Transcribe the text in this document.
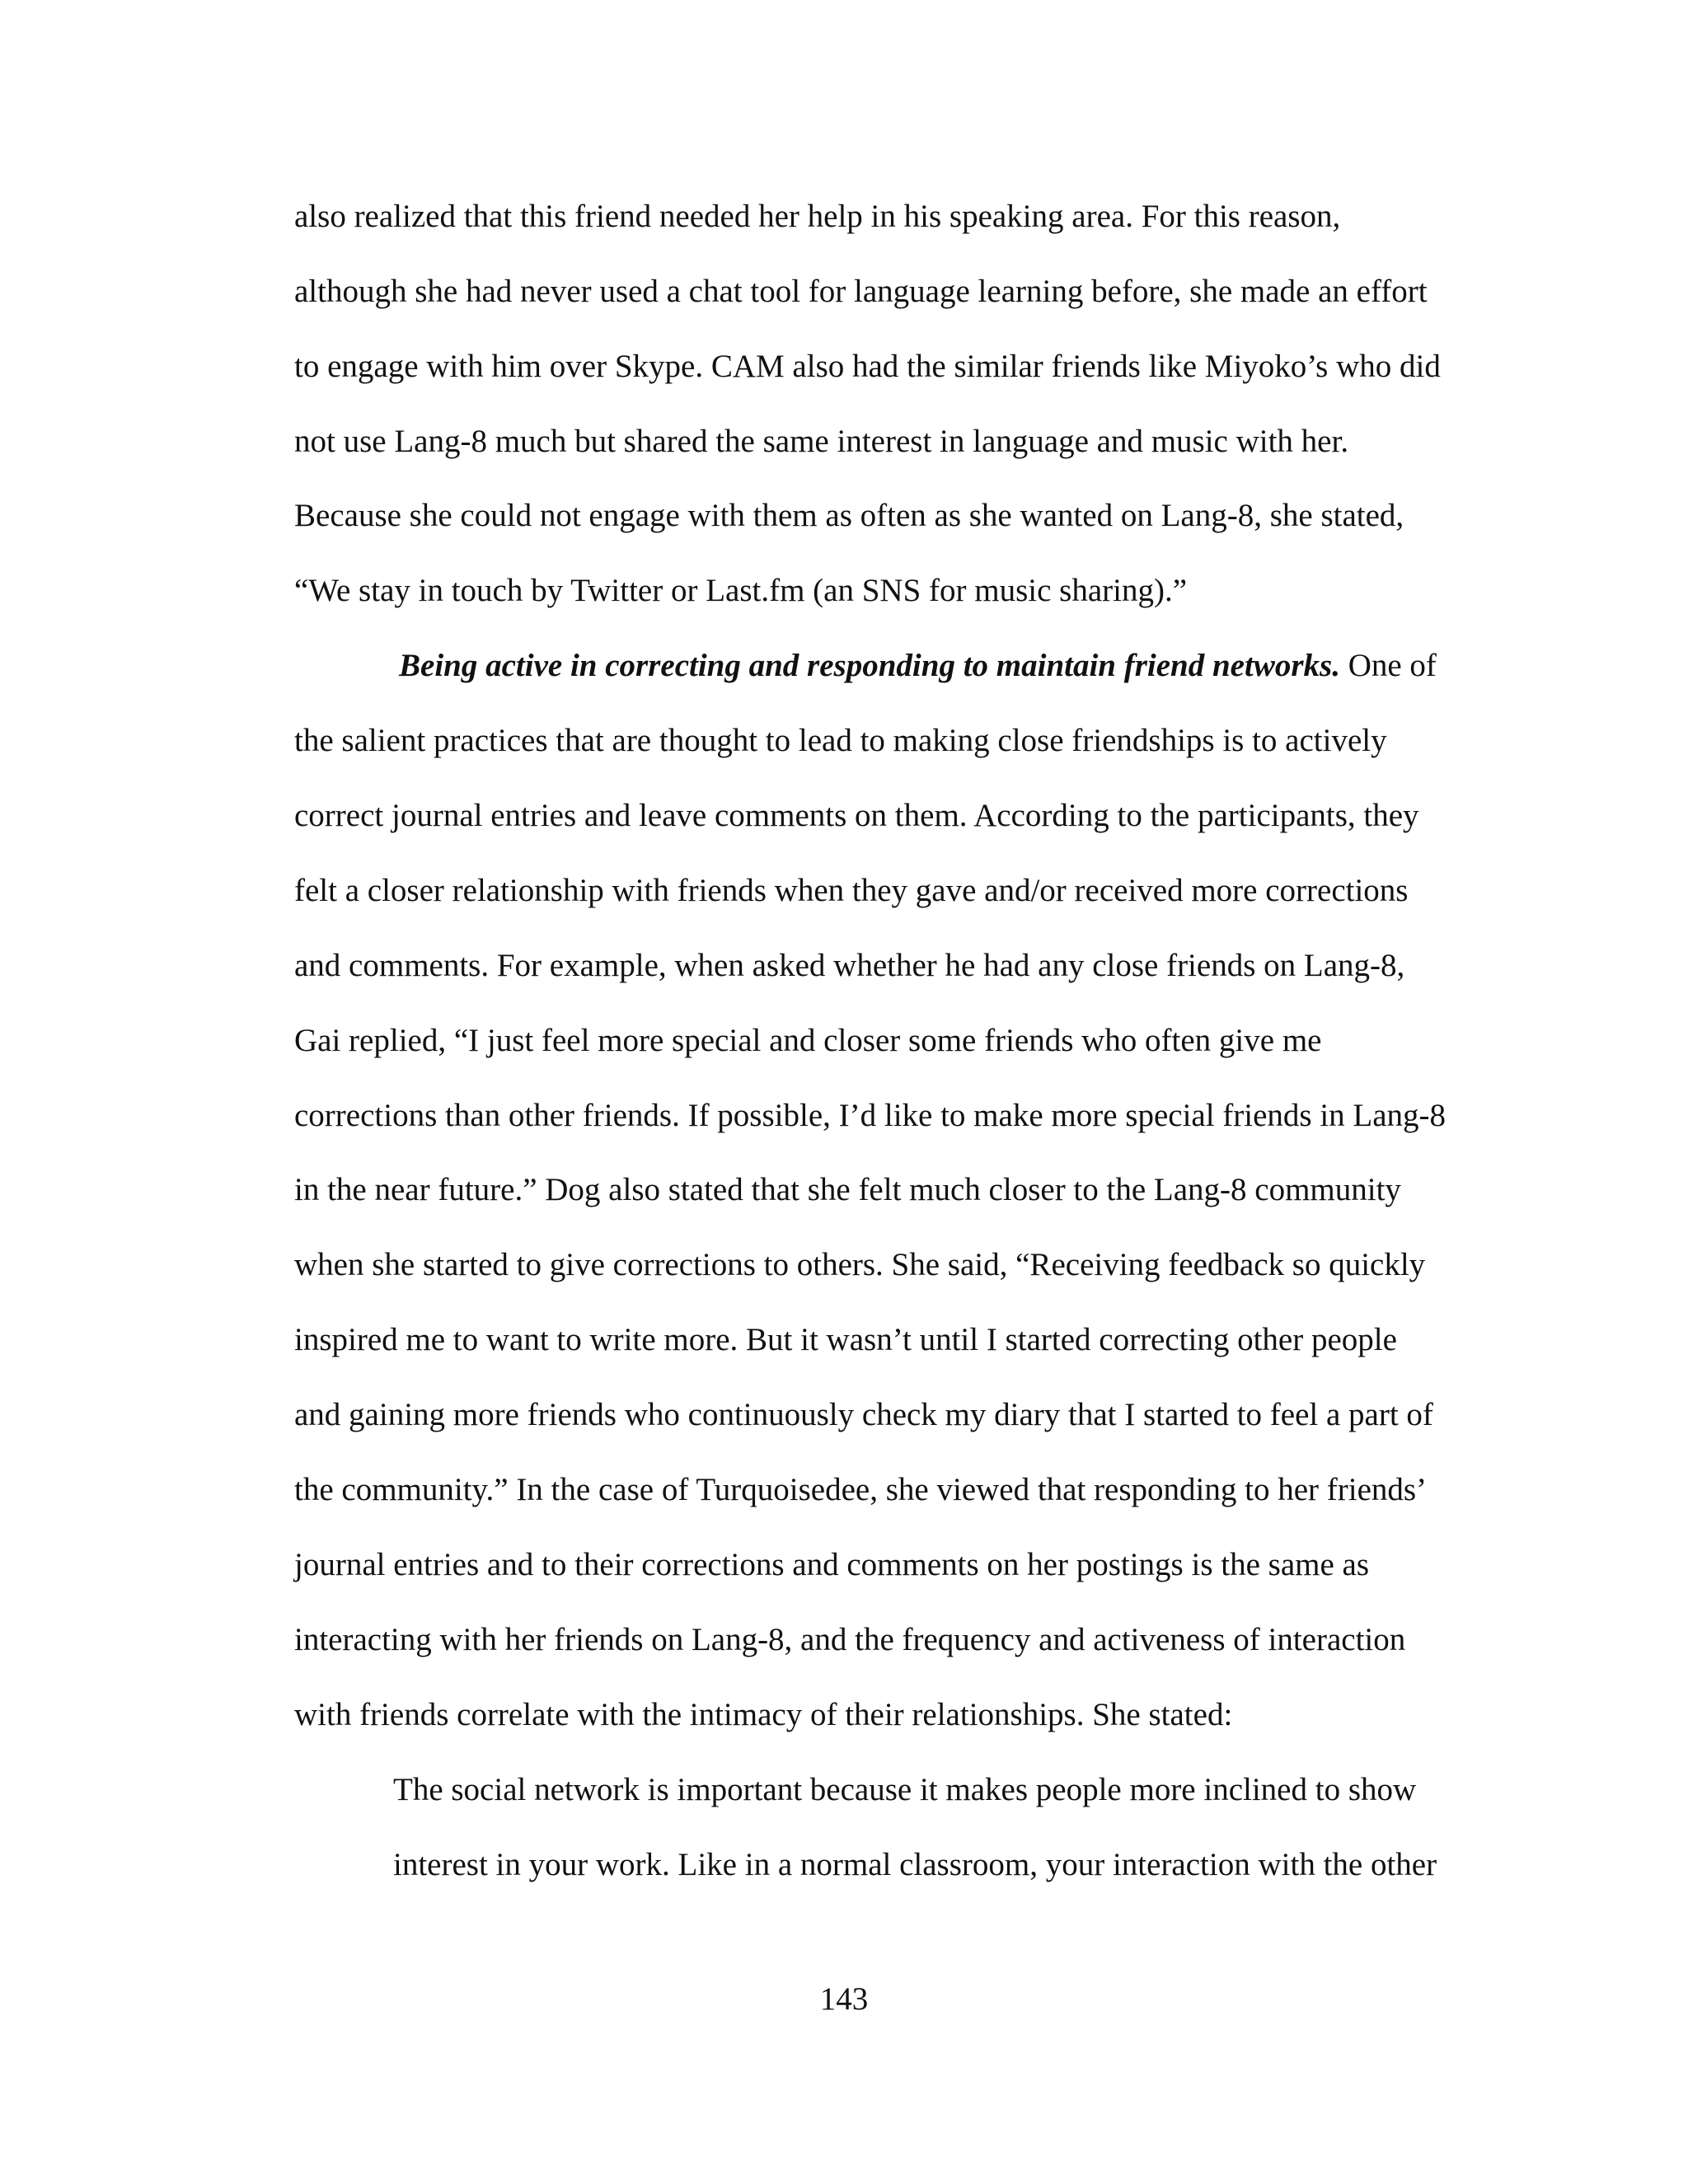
also realized that this friend needed her help in his speaking area. For this reason,

although she had never used a chat tool for language learning before, she made an effort

to engage with him over Skype. CAM also had the similar friends like Miyoko’s who did

not use Lang-8 much but shared the same interest in language and music with her.

Because she could not engage with them as often as she wanted on Lang-8, she stated,

“We stay in touch by Twitter or Last.fm (an SNS for music sharing).”

Being active in correcting and responding to maintain friend networks. One of

the salient practices that are thought to lead to making close friendships is to actively

correct journal entries and leave comments on them. According to the participants, they

felt a closer relationship with friends when they gave and/or received more corrections

and comments. For example, when asked whether he had any close friends on Lang-8,

Gai replied, “I just feel more special and closer some friends who often give me

corrections than other friends. If possible, I’d like to make more special friends in Lang-8

in the near future.” Dog also stated that she felt much closer to the Lang-8 community

when she started to give corrections to others. She said, “Receiving feedback so quickly

inspired me to want to write more. But it wasn’t until I started correcting other people

and gaining more friends who continuously check my diary that I started to feel a part of

the community.” In the case of Turquoisedee, she viewed that responding to her friends’

journal entries and to their corrections and comments on her postings is the same as

interacting with her friends on Lang-8, and the frequency and activeness of interaction

with friends correlate with the intimacy of their relationships. She stated:

The social network is important because it makes people more inclined to show

interest in your work. Like in a normal classroom, your interaction with the other

143
